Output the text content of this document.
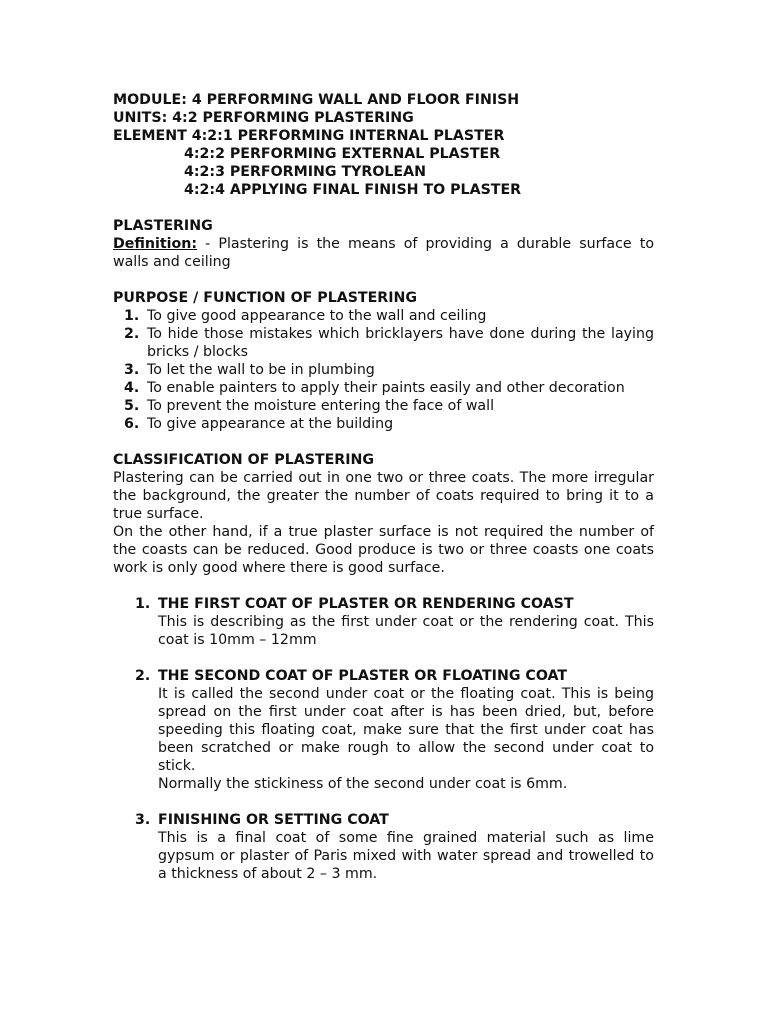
MODULE: 4 PERFORMING WALL AND FLOOR FINISH
UNITS: 4:2 PERFORMING PLASTERING
ELEMENT 4:2:1 PERFORMING INTERNAL PLASTER
4:2:2 PERFORMING EXTERNAL PLASTER
4:2:3 PERFORMING TYROLEAN
4:2:4 APPLYING FINAL FINISH TO PLASTER
PLASTERING
Definition: - Plastering is the means of providing a durable surface to walls and ceiling
PURPOSE / FUNCTION OF PLASTERING
1. To give good appearance to the wall and ceiling
2. To hide those mistakes which bricklayers have done during the laying bricks / blocks
3. To let the wall to be in plumbing
4. To enable painters to apply their paints easily and other decoration
5. To prevent the moisture entering the face of wall
6. To give appearance at the building
CLASSIFICATION OF PLASTERING
Plastering can be carried out in one two or three coats. The more irregular the background, the greater the number of coats required to bring it to a true surface.
On the other hand, if a true plaster surface is not required the number of the coasts can be reduced. Good produce is two or three coasts one coats work is only good where there is good surface.
1. THE FIRST COAT OF PLASTER OR RENDERING COAST
This is describing as the first under coat or the rendering coat. This coat is 10mm – 12mm
2. THE SECOND COAT OF PLASTER OR FLOATING COAT
It is called the second under coat or the floating coat. This is being spread on the first under coat after is has been dried, but, before speeding this floating coat, make sure that the first under coat has been scratched or make rough to allow the second under coat to stick.
Normally the stickiness of the second under coat is 6mm.
3. FINISHING OR SETTING COAT
This is a final coat of some fine grained material such as lime gypsum or plaster of Paris mixed with water spread and trowelled to a thickness of about 2 – 3 mm.
